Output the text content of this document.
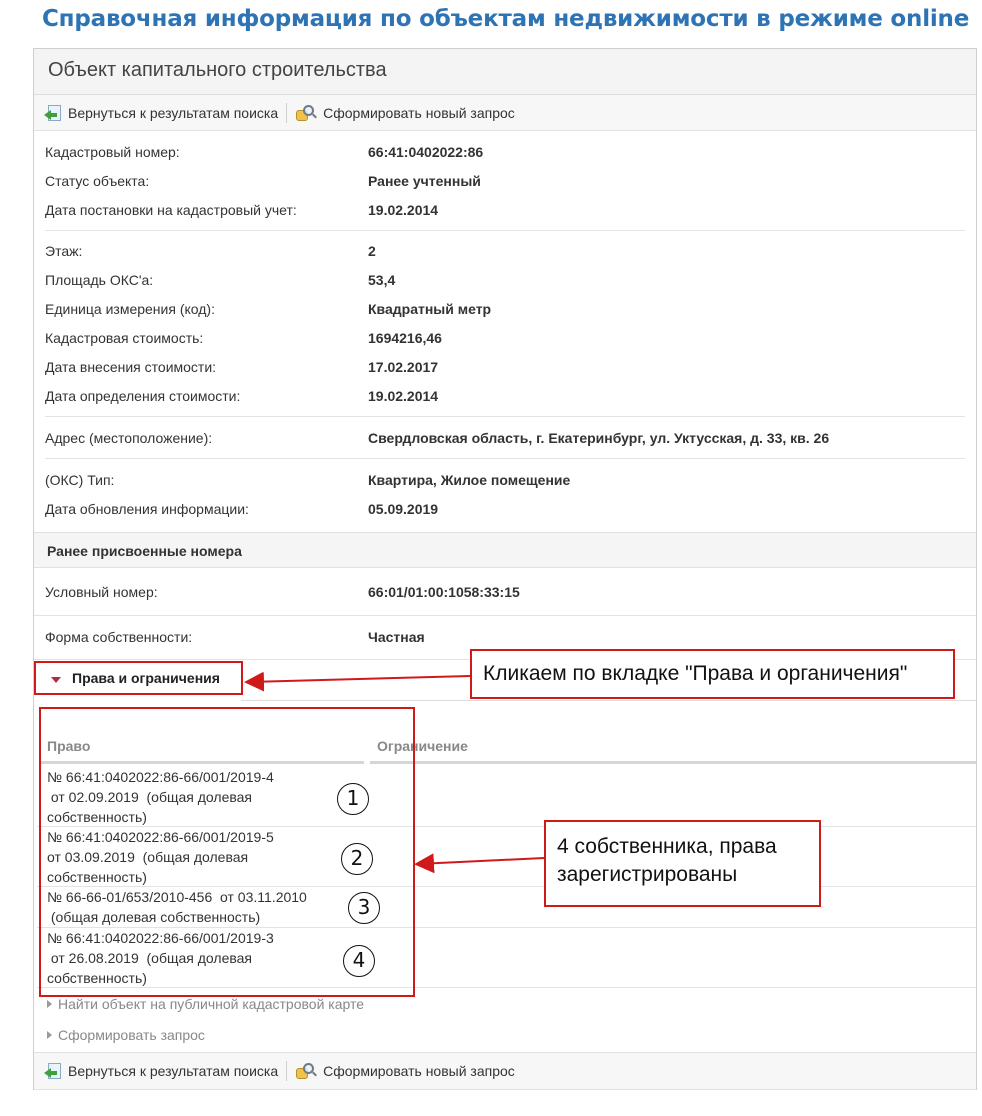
Справочная информация по объектам недвижимости в режиме online
Объект капитального строительства
Вернуться к результатам поиска	Сформировать новый запрос
Кадастровый номер:	66:41:0402022:86
Статус объекта:	Ранее учтенный
Дата постановки на кадастровый учет:	19.02.2014
Этаж:	2
Площадь ОКС'а:	53,4
Единица измерения (код):	Квадратный метр
Кадастровая стоимость:	1694216,46
Дата внесения стоимости:	17.02.2017
Дата определения стоимости:	19.02.2014
Адрес (местоположение):	Свердловская область, г. Екатеринбург, ул. Уктусская, д. 33, кв. 26
(ОКС) Тип:	Квартира, Жилое помещение
Дата обновления информации:	05.09.2019
Ранее присвоенные номера
Условный номер:	66:01/01:00:1058:33:15
Форма собственности:	Частная
Права и ограничения
Право	Ограничение
№ 66:41:0402022:86-66/001/2019-4
от 02.09.2019  (общая долевая
собственность)
№ 66:41:0402022:86-66/001/2019-5
от 03.09.2019  (общая долевая
собственность)
№ 66-66-01/653/2010-456  от 03.11.2010
(общая долевая собственность)
№ 66:41:0402022:86-66/001/2019-3
от 26.08.2019  (общая долевая
собственность)
1
2
3
4
Найти объект на публичной кадастровой карте
Сформировать запрос
Вернуться к результатам поиска	Сформировать новый запрос
Кликаем по вкладке "Права и органичения"
4 собственника, права
зарегистрированы
